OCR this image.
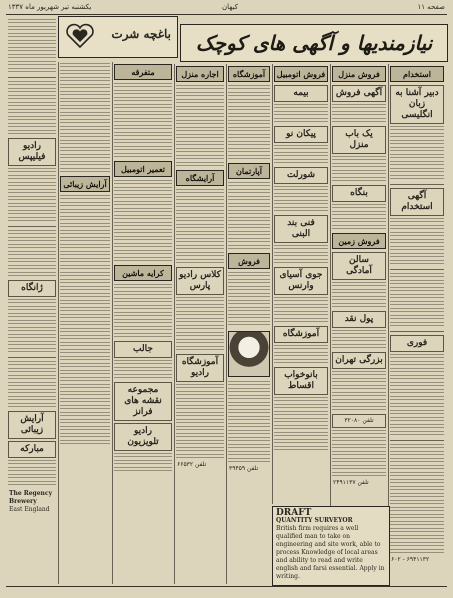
صفحه ۱۱
کیهان
یکشنبه تیر شهریور ماه ۱۳۳۷
نیازمندیها و آگهی های کوچک
باغچه شرت
استخدام
دبیر آشنا به زبان انگلیسی
آگهی استخدام
فوری
۶۰۲ - ۶۹۴۱۱۳۲
فروش منزل
آگهی فروش
یک باب منزل
بنگاه
فروش زمین
سالن آمادگی
پول نقد
بزرگی تهران
تلفن ۳۲۰۸۰
۲۴۹۱۱۳۷ تلفن
فروش اتومبیل
بیمه
پیکان نو
شورلت
فنی بند البنی
جوی آسیای وارنس
آموزشگاه
بانوخواب اقساط
DRAFT
QUANTITY SURVEYOR
British firm requires a well qualified man to take on engineering and site work, able to process Knowledge of local areas and ability to read and write english and farsi essential. Apply in writing.
آموزشگاه
آپارتمان
فروش
تلفن ۳۹۴۵۹
اجاره منزل
آرایشگاه
کلاس رادیو پارس
آموزشگاه رادیو
تلفن ۶۶۵۳۲
متفرقه
تعمیر اتومبیل
کرایه ماشین
جالب
مجموعه نقشه های
فرانز
رادیو تلویزیون
رادیو فیلیپس
ژانگاه
آرایش زیبائی
مبارکه
The Regency Brewery
East England
آرایش زیبائی
